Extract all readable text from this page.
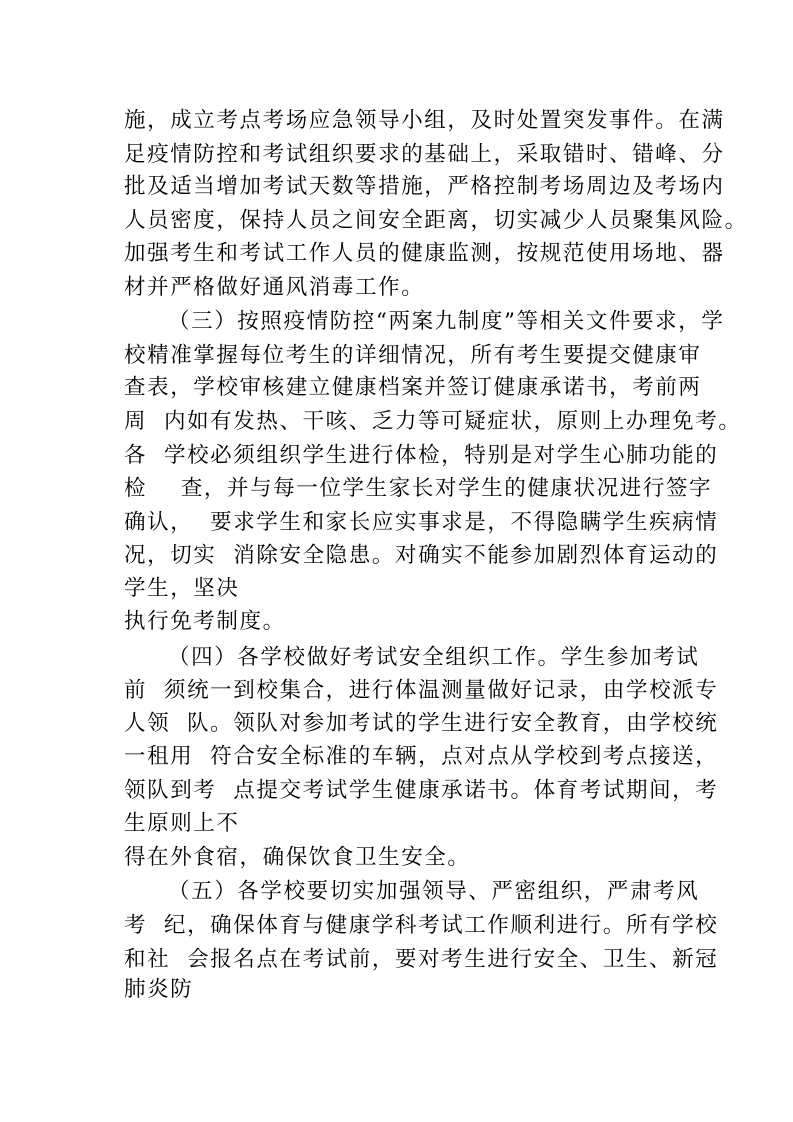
施，成立考点考场应急领导小组，及时处置突发事件。在满
足疫情防控和考试组织要求的基础上，采取错时、错峰、分
批及适当增加考试天数等措施，严格控制考场周边及考场内
人员密度，保持人员之间安全距离，切实减少人员聚集风险。
加强考生和考试工作人员的健康监测，按规范使用场地、器
材并严格做好通风消毒工作。
（三）按照疫情防控“两案九制度”等相关文件要求，学
校精准掌握每位考生的详细情况，所有考生要提交健康审
查表，学校审核建立健康档案并签订健康承诺书，考前两
周  内如有发热、干咳、乏力等可疑症状，原则上办理免考。
各  学校必须组织学生进行体检，特别是对学生心肺功能的
检    查，并与每一位学生家长对学生的健康状况进行签字
确认，  要求学生和家长应实事求是，不得隐瞒学生疾病情
况，切实  消除安全隐患。对确实不能参加剧烈体育运动的
学生，坚决
执行免考制度。
（四）各学校做好考试安全组织工作。学生参加考试
前  须统一到校集合，进行体温测量做好记录，由学校派专
人领  队。领队对参加考试的学生进行安全教育，由学校统
一租用  符合安全标准的车辆，点对点从学校到考点接送，
领队到考  点提交考试学生健康承诺书。体育考试期间，考
生原则上不
得在外食宿，确保饮食卫生安全。
（五）各学校要切实加强领导、严密组织，严肃考风
考  纪，确保体育与健康学科考试工作顺利进行。所有学校
和社  会报名点在考试前，要对考生进行安全、卫生、新冠
肺炎防
